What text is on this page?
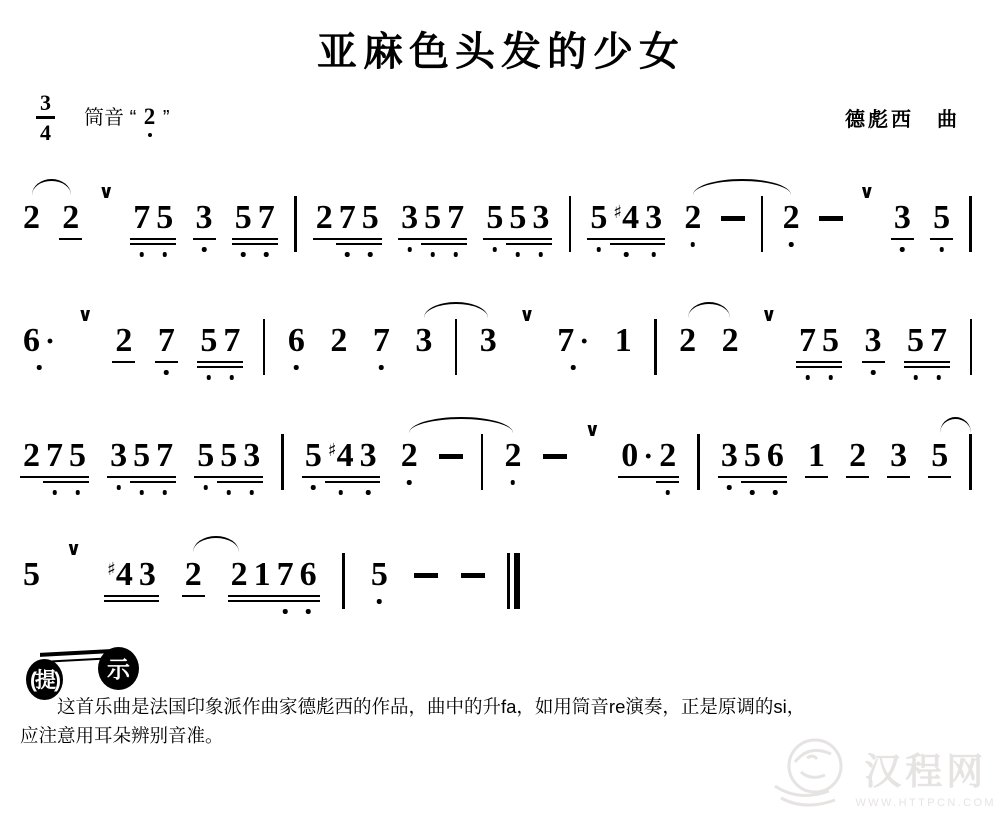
亚麻色头发的少女
$\frac{3}{4}$ 筒音 “ 2 ”	德彪西　曲
2 2
∨
7 5 3 5 7 2 7 5 3 5 7 5 5 3 5 ♯4 3 2 2
∨
3 5
6 ·
∨
2 7 5 7 6 2 7 3 3
∨
7 · 1 2 2
∨
7 5 3 5 7
2 7 5 3 5 7 5 5 3 5 ♯4 3 2	2
∨
0 · 2 3 5 6 1 2 3 5
5
∨
♯4 3 2 2 1 7 6 5
(提)	示

这首乐曲是法国印象派作曲家德彪西的作品，曲中的升fa，如用筒音re演奏，正是原调的si，

应注意用耳朵辨别音准。

汉程网
WWW.HTTPCN.COM
